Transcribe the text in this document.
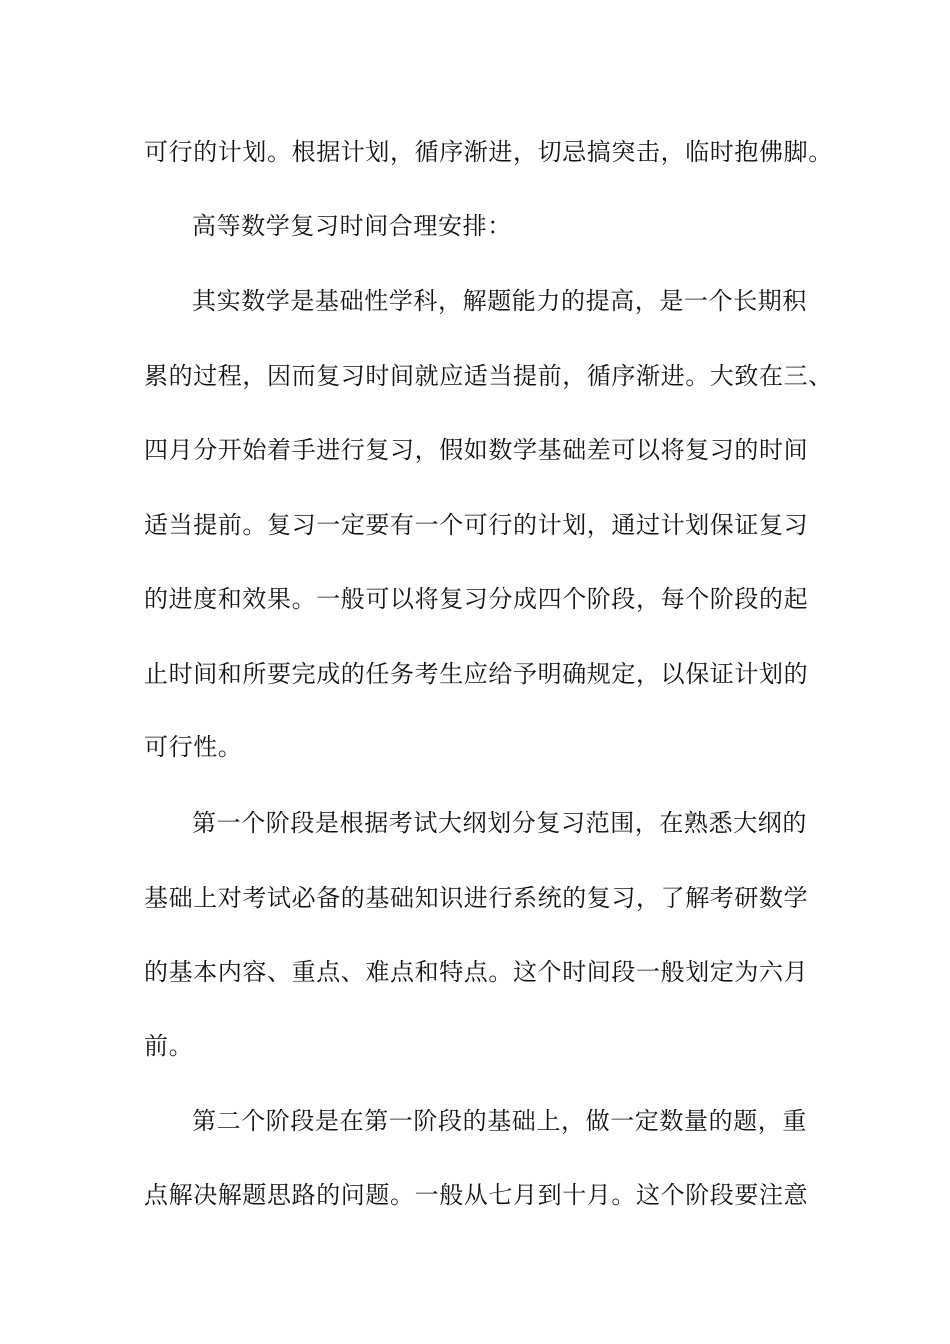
可行的计划。根据计划，循序渐进，切忌搞突击，临时抱佛脚。
高等数学复习时间合理安排：
其实数学是基础性学科，解题能力的提高，是一个长期积
累的过程，因而复习时间就应适当提前，循序渐进。大致在三、
四月分开始着手进行复习，假如数学基础差可以将复习的时间
适当提前。复习一定要有一个可行的计划，通过计划保证复习
的进度和效果。一般可以将复习分成四个阶段，每个阶段的起
止时间和所要完成的任务考生应给予明确规定，以保证计划的
可行性。
第一个阶段是根据考试大纲划分复习范围，在熟悉大纲的
基础上对考试必备的基础知识进行系统的复习，了解考研数学
的基本内容、重点、难点和特点。这个时间段一般划定为六月
前。
第二个阶段是在第一阶段的基础上，做一定数量的题，重
点解决解题思路的问题。一般从七月到十月。这个阶段要注意
